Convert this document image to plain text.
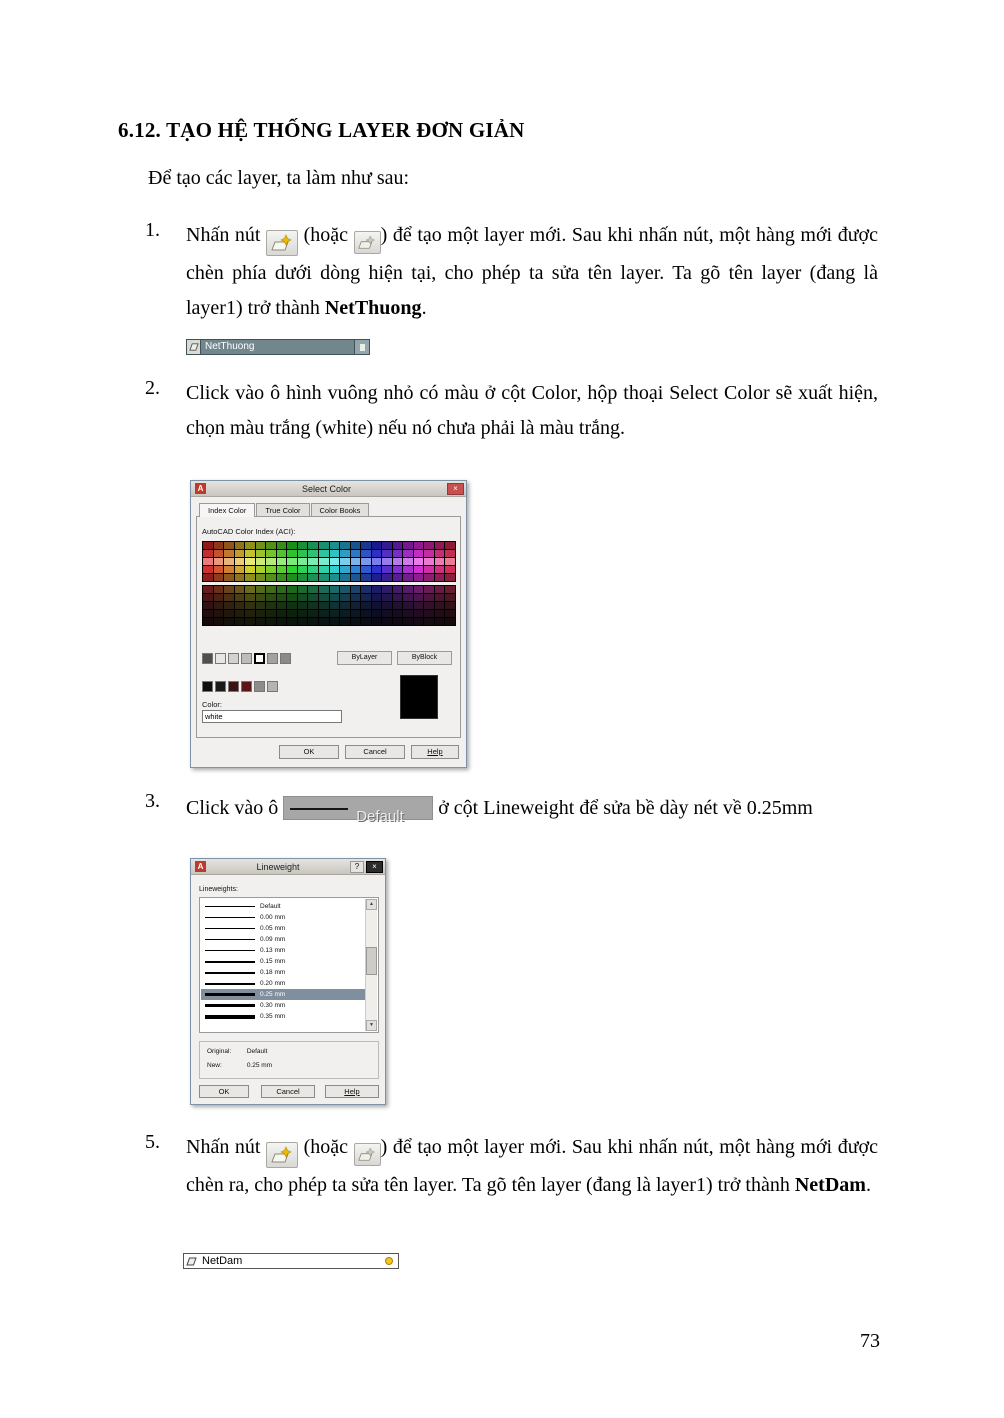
6.12. TẠO HỆ THỐNG LAYER ĐƠN GIẢN

Để tạo các layer, ta làm như sau:

1. Nhấn nút  (hoặc ) để tạo một layer mới. Sau khi nhấn nút, một hàng mới được chèn phía dưới dòng hiện tại, cho phép ta sửa tên layer. Ta gõ tên layer (đang là layer1) trở thành NetThuong.
NetThuong
2. Click vào ô hình vuông nhỏ có màu ở cột Color, hộp thoại Select Color sẽ xuất hiện, chọn màu trắng (white) nếu nó chưa phải là màu trắng.
A	Select Color	×
Index Color	True Color	Color Books
AutoCAD Color Index (ACI):
ByLayer	ByBlock
Color:
white
OK	Cancel	Help
3. Click vào ô	Default ở cột Lineweight để sửa bề dày nét về 0.25mm
A	Lineweight	?	×
Lineweights:
Default
0.00 mm
0.05 mm
0.09 mm
0.13 mm
0.15 mm
0.18 mm
0.20 mm
0.25 mm
0.30 mm
0.35 mm
▲
▼
Original: Default
New:	0.25 mm
OK	Cancel	Help
5. Nhấn nút  (hoặc ) để tạo một layer mới. Sau khi nhấn nút, một hàng mới được chèn ra, cho phép ta sửa tên layer. Ta gõ tên layer (đang là layer1) trở thành NetDam.
NetDam
73
